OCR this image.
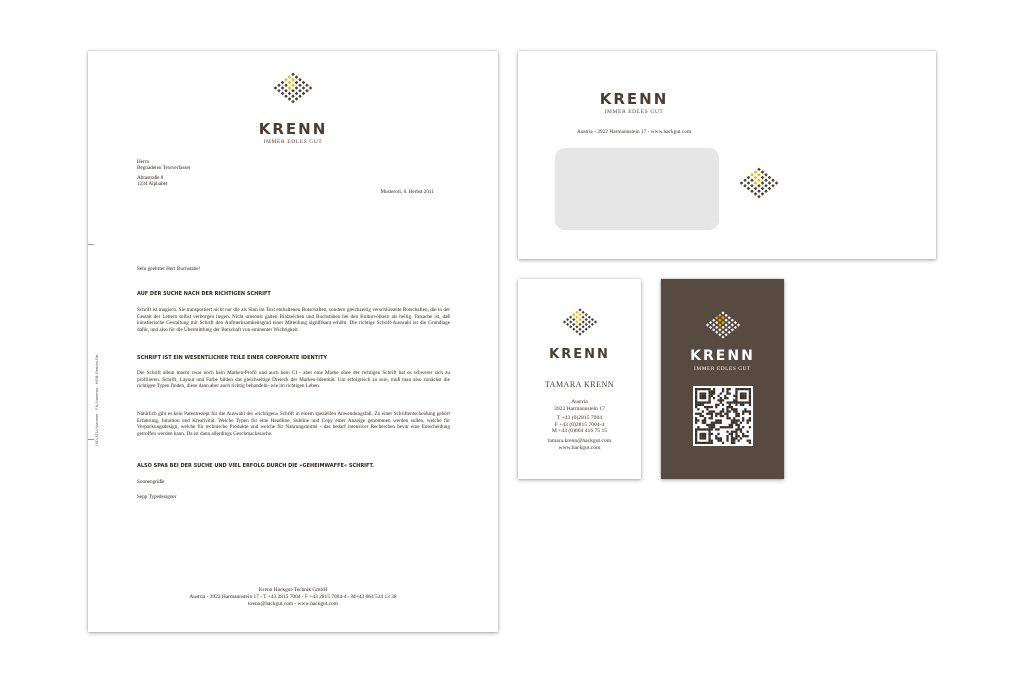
KRENN
IMMER EDLES GUT
Herrn
Begnadeten Textverfasser
Abtastraße 8
1234 Alphabet
Musterort, 8. Herbst 2011
UID-ATU-Nummer · FN-Nummer · HGB-Gericht-Ort
Sehr geehrter Herr Buchstabe!
AUF DER SUCHE NACH DER RICHTIGEN SCHRIFT
Schrift ist magisch. Sie transportiert nicht nur die als Sinn im Text enthaltenen Botschaften, sondern gleichzeitig verschlüsselte Botschaften, die in der Gestalt der Lettern selbst verborgen liegen. Nicht umsonst galten Bildzeichen und Buchstaben bei den Kulturvölkern als heilig. Tatsache ist, daß künstlerische Gestaltung mit Schrift den Aufmerksamkeitsgrad einer Mitteilung signifikant erhöht. Die richtige Schrift-Auswahl ist die Grundlage dafür, und also für die Übermittlung der Botschaft von eminenter Wichtigkeit.
SCHRIFT IST EIN WESENTLICHER TEILE EINER CORPORATE IDENTITY
Die Schrift allein macht zwar noch kein Marken-Profil und auch kein CI - aber eine Marke ohne der richtigen Schrift hat es schwerer sich zu profilieren. Schrift, Layout und Farbe bilden das gleichseitige Dreieck der Marken-Identität. Um erfolgreich zu sein, muß man also zunächst die richtigen Typen finden, diese dann aber auch richtig behandeln- wie im richtigen Leben.
Natürlich gibt es kein Patentrezept für die Auswahl der »richtigen« Schrift in einem speziellen Anwendungsfall. Zu einer Schriftentscheidung gehört Erfahrung, Intuition und Kreativität. Welche Typen für eine Headline, Subline und Copy einer Anzeige genommen werden sollen, welche für Verpackungsdesign, welche für technische Produkte und welche für Nahrungsmittel - das bedarf intensiver Recherchen bevor eine Entscheidung getroffen werden kann. Da ist dann allerdings Geschmackssache.
ALSO SPAß BEI DER SUCHE UND VIEL ERFOLG DURCH DIE »GEHEIMWAFFE« SCHRIFT.
Sonnengrüße
Sepp Typedesigner
Krenn Hackgut-Technik GmbH
Austria - 3922 Harmannstein 17 - T +43 2815 7004 - F +43 2815 7004-4 - M+43 664 534 13 38
krenn@hackgut.com - www.hackgut.com
KRENN
IMMER EDLES GUT
Austria - 3922 Harmannstein 17 - www.hackgut.com
KRENN
TAMARA KRENN
Austria
3922 Harmannstein 17
T +43 (0)2815 7004
F +43 (0)2815 7004-4
M +43 (0)664 416 75 15
tamara.krenn@hackgut.com
www.hackgut.com
KRENN
IMMER EDLES GUT
